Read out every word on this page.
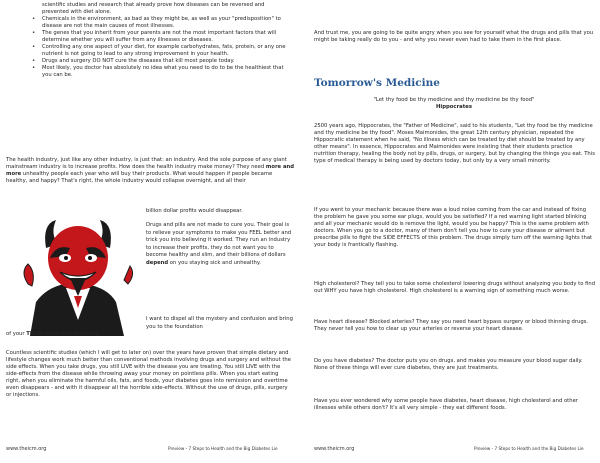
scientific studies and research that already prove how diseases can be reversed and prevented with diet alone.

• Chemicals in the environment, as bad as they might be, as well as your "predisposition" to disease are not the main causes of most illnesses.
• The genes that you inherit from your parents are not the most important factors that will determine whether you will suffer from any illnesses or diseases.
• Controlling any one aspect of your diet, for example carbohydrates, fats, protein, or any one nutrient is not going to lead to any strong improvement in your health.
• Drugs and surgery DO NOT cure the diseases that kill most people today.
• Most likely, you doctor has absolutely no idea what you need to do to be the healthiest that you can be.

The health industry, just like any other industry, is just that: an industry. And the sole purpose of any giant mainstream industry is to increase profits. How does the health industry make money? They need more and more unhealthy people each year who will buy their products. What would happen if people became healthy, and happy? That's right, the whole industry would collapse overnight, and all their

billion dollar profits would disappear.

Drugs and pills are not made to cure you. Their goal is to relieve your symptoms to make you FEEL better and trick you into believing it worked. They run an industry to increase their profits, they do not want you to become healthy and slim, and their billions of dollars depend on you staying sick and unhealthy.

I want to dispel all the mystery and confusion and bring you to the foundation
of your TRUE health and wellbeing.
Countless scientific studies (which I will get to later on) over the years have proven that simple dietary and lifestyle changes work much better than conventional methods involving drugs and surgery and without the side effects. When you take drugs, you still LIVE with the disease you are treating. You still LIVE with the side-effects from the disease while throwing away your money on pointless pills. When you start eating right, when you eliminate the harmful oils, fats, and foods, your diabetes goes into remission and overtime even disappears - and with it disappear all the horrible side-effects. Without the use of drugs, pills, surgery or injections.
www.theicm.org	Preview - 7 Steps to Health and the Big Diabetes Lie
And trust me, you are going to be quite angry when you see for yourself what the drugs and pills that you might be taking really do to you - and why you never even had to take them in the first place.
Tomorrow's Medicine
"Let thy food be thy medicine and thy medicine be thy food"
Hippocrates
2500 years ago, Hippocrates, the "Father of Medicine", said to his students, "Let thy food be thy medicine and thy medicine be thy food". Moses Maimonides, the great 12th century physician, repeated the Hippocratic statement when he said, "No illness which can be treated by diet should be treated by any other means". In essence, Hippocrates and Maimonides were insisting that their students practice nutrition therapy, healing the body not by pills, drugs, or surgery, but by changing the things you eat. This type of medical therapy is being used by doctors today, but only by a very small minority.
If you went to your mechanic because there was a loud noise coming from the car and instead of fixing the problem he gave you some ear plugs, would you be satisfied? If a red warning light started blinking and all your mechanic would do is remove the light, would you be happy? This is the same problem with doctors. When you go to a doctor, many of them don't tell you how to cure your disease or ailment but prescribe pills to fight the SIDE EFFECTS of this problem. The drugs simply turn off the warning lights that your body is frantically flashing.
High cholesterol? They tell you to take some cholesterol lowering drugs without analyzing you body to find out WHY you have high cholesterol. High cholesterol is a warning sign of something much worse.
Have heart disease? Blocked arteries? They say you need heart bypass surgery or blood thinning drugs. They never tell you how to clear up your arteries or reverse your heart disease.
Do you have diabetes? The doctor puts you on drugs, and makes you measure your blood sugar daily. None of these things will ever cure diabetes, they are just treatments.
Have you ever wondered why some people have diabetes, heart disease, high cholesterol and other illnesses while others don't? It's all very simple - they eat different foods.
www.theicm.org	Preview - 7 Steps to Health and the Big Diabetes Lie
